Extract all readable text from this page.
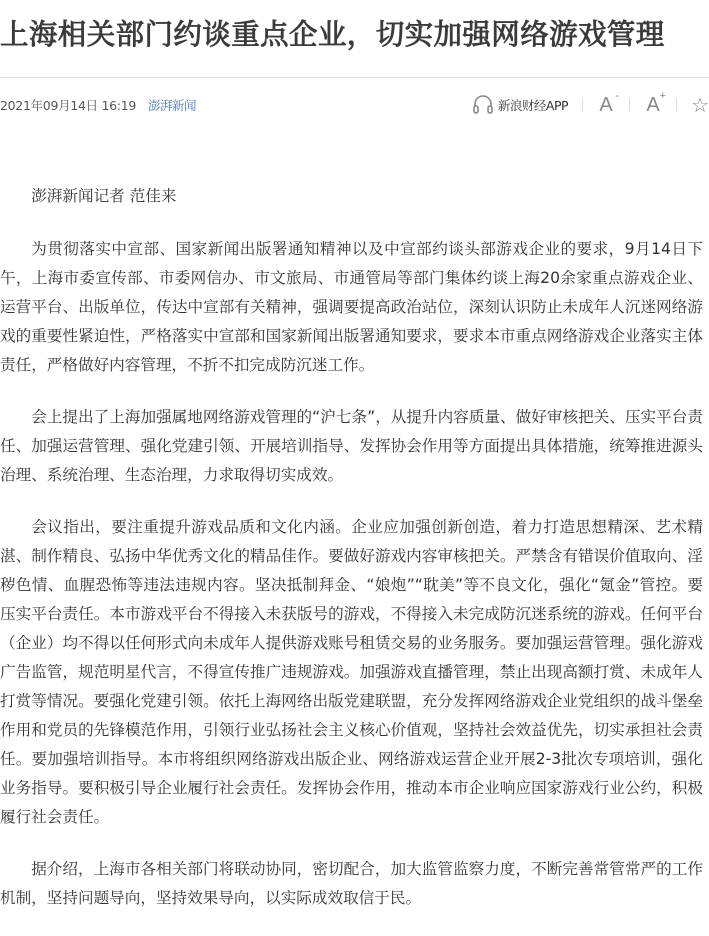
上海相关部门约谈重点企业，切实加强网络游戏管理
2021年09月14日 16:19 澎湃新闻	新浪财经APP A - A + ☆

澎湃新闻记者 范佳来

为贯彻落实中宣部、国家新闻出版署通知精神以及中宣部约谈头部游戏企业的要求，9月14日下午，上海市委宣传部、市委网信办、市文旅局、市通管局等部门集体约谈上海20余家重点游戏企业、运营平台、出版单位，传达中宣部有关精神，强调要提高政治站位，深刻认识防止未成年人沉迷网络游戏的重要性紧迫性，严格落实中宣部和国家新闻出版署通知要求，要求本市重点网络游戏企业落实主体责任，严格做好内容管理，不折不扣完成防沉迷工作。

会上提出了上海加强属地网络游戏管理的“沪七条”，从提升内容质量、做好审核把关、压实平台责任、加强运营管理、强化党建引领、开展培训指导、发挥协会作用等方面提出具体措施，统筹推进源头治理、系统治理、生态治理，力求取得切实成效。

会议指出，要注重提升游戏品质和文化内涵。企业应加强创新创造，着力打造思想精深、艺术精湛、制作精良、弘扬中华优秀文化的精品佳作。要做好游戏内容审核把关。严禁含有错误价值取向、淫秽色情、血腥恐怖等违法违规内容。坚决抵制拜金、“娘炮”“耽美”等不良文化，强化“氪金”管控。要压实平台责任。本市游戏平台不得接入未获版号的游戏，不得接入未完成防沉迷系统的游戏。任何平台（企业）均不得以任何形式向未成年人提供游戏账号租赁交易的业务服务。要加强运营管理。强化游戏广告监管，规范明星代言，不得宣传推广违规游戏。加强游戏直播管理，禁止出现高额打赏、未成年人打赏等情况。要强化党建引领。依托上海网络出版党建联盟，充分发挥网络游戏企业党组织的战斗堡垒作用和党员的先锋模范作用，引领行业弘扬社会主义核心价值观，坚持社会效益优先，切实承担社会责任。要加强培训指导。本市将组织网络游戏出版企业、网络游戏运营企业开展2-3批次专项培训，强化业务指导。要积极引导企业履行社会责任。发挥协会作用，推动本市企业响应国家游戏行业公约，积极履行社会责任。

据介绍，上海市各相关部门将联动协同，密切配合，加大监管监察力度，不断完善常管常严的工作机制，坚持问题导向，坚持效果导向，以实际成效取信于民。
